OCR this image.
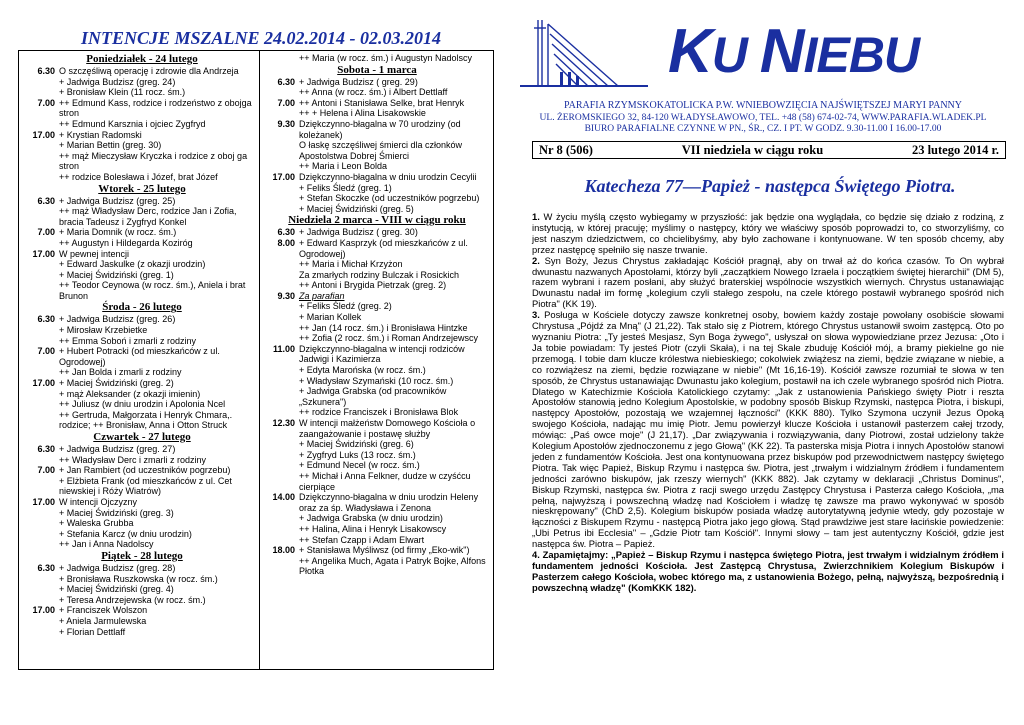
INTENCJE MSZALNE 24.02.2014 - 02.03.2014

Poniedziałek - 24 lutego

6.30 O szczęśliwą operację i zdrowie dla Andrzeja
+ Jadwiga Budzisz (greg. 24)
+ Bronisław Klein (11 rocz. śm.)
7.00 ++ Edmund Kass, rodzice i rodzeństwo z obojga stron
++ Edmund Karsznia i ojciec Zygfryd
17.00 + Krystian Radomski
+ Marian Bettin (greg. 30)
++ mąż Mieczysław Kryczka i rodzice z oboj ga stron
++ rodzice Bolesława i Józef, brat Józef

Wtorek - 25 lutego

6.30 + Jadwiga Budzisz (greg. 25)
++ mąż Władysław Derc, rodzice Jan i Zofia, bracia Tadeusz i Zygfryd Konkel
7.00 + Maria Domnik (w rocz. śm.)
++ Augustyn i Hildegarda Koziróg
17.00 W pewnej intencji
+ Edward Jaskulke (z okazji urodzin)
+ Maciej Świdziński (greg. 1)
++ Teodor Ceynowa (w rocz. śm.), Aniela i brat Brunon

Środa - 26 lutego

6.30 + Jadwiga Budzisz (greg. 26)
+ Mirosław Krzebietke
++ Emma Soboń i zmarli z rodziny
7.00 + Hubert Potracki (od mieszkańców z ul. Ogrodowej)
++ Jan Bolda i zmarli z rodziny
17.00 + Maciej Świdziński (greg. 2)
+ mąż Aleksander (z okazji imienin)
++ Juliusz (w dniu urodzin i Apolonia Ncel
++ Gertruda, Małgorzata i Henryk Chmara,. rodzice; ++ Bronisław, Anna i Otton Struck

Czwartek - 27 lutego

6.30 + Jadwiga Budzisz (greg. 27)
++ Władysław Derc i zmarli z rodziny
7.00 + Jan Rambiert (od uczestników pogrzebu)
+ Elżbieta Frank (od mieszkańców z ul. Cet niewskiej i Róży Wiatrów)
17.00 W intencji Ojczyzny
+ Maciej Świdziński (greg. 3)
+ Waleska Grubba
+ Stefania Karcz (w dniu urodzin)
++ Jan i Anna Nadolscy

Piątek - 28 lutego

6.30 + Jadwiga Budzisz (greg. 28)
+ Bronisława Ruszkowska (w rocz. śm.)
+ Maciej Świdziński (greg. 4)
+ Teresa Andrzejewska (w rocz. śm.)
17.00 + Franciszek Wolszon
+ Aniela Jarmulewska
+ Florian Dettlaff
++ Maria (w rocz. śm.) i Augustyn Nadolscy

Sobota - 1 marca

6.30 + Jadwiga Budzisz ( greg. 29)
++ Anna (w rocz. śm.) i Albert Dettlaff
7.00 ++ Antoni i Stanisława Selke, brat Henryk
++ + Helena i Alina Lisakowskie
9.30 Dziękczynno-błagalna w 70 urodziny (od koleżanek)
O łaskę szczęśliwej śmierci dla członków Apostolstwa Dobrej Śmierci
++ Maria i Leon Bolda
17.00 Dziękczynno-błagalna w dniu urodzin Cecylii
+ Feliks Śledź (greg. 1)
+ Stefan Skoczke (od uczestników pogrzebu)
+ Maciej Świdziński (greg. 5)

Niedziela 2 marca - VIII w ciągu roku

6.30 + Jadwiga Budzisz ( greg. 30)
8.00 + Edward Kasprzyk (od mieszkańców z ul. Ogrodowej)
++ Maria i Michał Krzyżon
Za zmarłych rodziny Bulczak i Rosickich
++ Antoni i Brygida Pietrzak (greg. 2)
9.30 Za parafian
+ Feliks Śledź (greg. 2)
+ Marian Kollek
++ Jan (14 rocz. śm.) i Bronisława Hintzke
++ Zofia (2 rocz. śm.) i Roman Andrzejewscy
11.00 Dziękczynno-błagalna w intencji rodziców Jadwigi i Kazimierza
+ Edyta Marońska (w rocz. śm.)
+ Władysław Szymański (10 rocz. śm.)
+ Jadwiga Grabska (od pracowników „Szkunera")
++ rodzice Franciszek i Bronisława Blok
12.30 W intencji małżeństw Domowego Kościoła o zaangażowanie i postawę służby
+ Maciej Świdziński (greg. 6)
+ Zygfryd Luks (13 rocz. śm.)
+ Edmund Necel (w rocz. śm.)
++ Michał i Anna Felkner, dudze w czyśćcu cierpiące
14.00 Dziękczynno-błagalna w dniu urodzin Heleny oraz za śp. Władysława i Zenona
+ Jadwiga Grabska (w dniu urodzin)
++ Halina, Alina i Henryk Lisakowscy
++ Stefan Czapp i Adam Elwart
18.00 + Stanisława Myśliwsz (od firmy „Eko-wik")
++ Angelika Much, Agata i Patryk Bojke, Alfons Płotka
KU NIEBU
PARAFIA RZYMSKOKATOLICKA P.W. WNIEBOWZIĘCIA NAJŚWIĘTSZEJ MARYI PANNY
UL. ŻEROMSKIEGO 32, 84-120 WŁADYSŁAWOWO, TEL. +48 (58) 674-02-74, WWW.PARAFIA.WLADEK.PL
BIURO PARAFIALNE CZYNNE W PN., ŚR., CZ. I PT. W GODZ. 9.30-11.00 I 16.00-17.00
Nr 8 (506)	VII niedziela w ciągu roku	23 lutego 2014 r.
Katecheza 77—Papież - następca Świętego Piotra.

1. W życiu myślą często wybiegamy w przyszłość: jak będzie ona wyglądała, co będzie się działo z rodziną, z instytucją, w której pracuję; myślimy o następcy, który we właściwy sposób poprowadzi to, co stworzyliśmy, co jest naszym dziedzictwem, co chcielibyśmy, aby było zachowane i kontynuowane. W ten sposób chcemy, aby przez następcę spełniło się nasze trwanie.

2. Syn Boży, Jezus Chrystus zakładając Kościół pragnął, aby on trwał aż do końca czasów. To On wybrał dwunastu nazwanych Apostołami, którzy byli „zaczątkiem Nowego Izraela i początkiem świętej hierarchii" (DM 5), razem wybrani i razem posłani, aby służyć braterskiej wspólnocie wszystkich wiernych. Chrystus ustanawiając Dwunastu nadał im formę „kolegium czyli stałego zespołu, na czele którego postawił wybranego spośród nich Piotra" (KK 19).

3. Posługa w Kościele dotyczy zawsze konkretnej osoby, bowiem każdy zostaje powołany osobiście słowami Chrystusa „Pójdź za Mną" (J 21,22). Tak stało się z Piotrem, którego Chrystus ustanowił swoim zastępcą. Oto po wyznaniu Piotra: „Ty jesteś Mesjasz, Syn Boga żywego", usłyszał on słowa wypowiedziane przez Jezusa: „Oto i Ja tobie powiadam: Ty jesteś Piotr (czyli Skała), i na tej Skale zbuduję Kościół mój, a bramy piekielne go nie przemogą. I tobie dam klucze królestwa niebieskiego; cokolwiek zwiążesz na ziemi, będzie związane w niebie, a co rozwiążesz na ziemi, będzie rozwiązane w niebie" (Mt 16,16-19). Kościół zawsze rozumiał te słowa w ten sposób, że Chrystus ustanawiając Dwunastu jako kolegium, postawił na ich czele wybranego spośród nich Piotra. Dlatego w Katechizmie Kościoła Katolickiego czytamy: „Jak z ustanowienia Pańskiego święty Piotr i reszta Apostołów stanowią jedno Kolegium Apostolskie, w podobny sposób Biskup Rzymski, następca Piotra, i biskupi, następcy Apostołów, pozostają we wzajemnej łączności" (KKK 880). Tylko Szymona uczynił Jezus Opoką swojego Kościoła, nadając mu imię Piotr. Jemu powierzył klucze Kościoła i ustanowił pasterzem całej trzody, mówiąc: „Paś owce moje" (J 21,17). „Dar związywania i rozwiązywania, dany Piotrowi, został udzielony także Kolegium Apostołów zjednoczonemu z jego Głową" (KK 22). Ta pasterska misja Piotra i innych Apostołów stanowi jeden z fundamentów Kościoła. Jest ona kontynuowana przez biskupów pod przewodnictwem następcy świętego Piotra. Tak więc Papież, Biskup Rzymu i następca św. Piotra, jest „trwałym i widzialnym źródłem i fundamentem jedności zarówno biskupów, jak rzeszy wiernych" (KKK 882). Jak czytamy w deklaracji „Christus Dominus", Biskup Rzymski, następca św. Piotra z racji swego urzędu Zastępcy Chrystusa i Pasterza całego Kościoła, „ma pełną, najwyższą i powszechną władzę nad Kościołem i władzę tę zawsze ma prawo wykonywać w sposób nieskrępowany" (ChD 2,5). Kolegium biskupów posiada władzę autorytatywną jedynie wtedy, gdy pozostaje w łączności z Biskupem Rzymu - następcą Piotra jako jego głową. Stąd prawdziwe jest stare łacińskie powiedzenie: „Ubi Petrus ibi Ecclesia" – „Gdzie Piotr tam Kościół". Innymi słowy – tam jest autentyczny Kościół, gdzie jest następca św. Piotra – Papież.

4. Zapamiętajmy: „Papież – Biskup Rzymu i następca świętego Piotra, jest trwałym i widzialnym źródłem i fundamentem jedności Kościoła. Jest Zastępcą Chrystusa, Zwierzchnikiem Kolegium Biskupów i Pasterzem całego Kościoła, wobec którego ma, z ustanowienia Bożego, pełną, najwyższą, bezpośrednią i powszechną władzę" (KomKKK 182).
